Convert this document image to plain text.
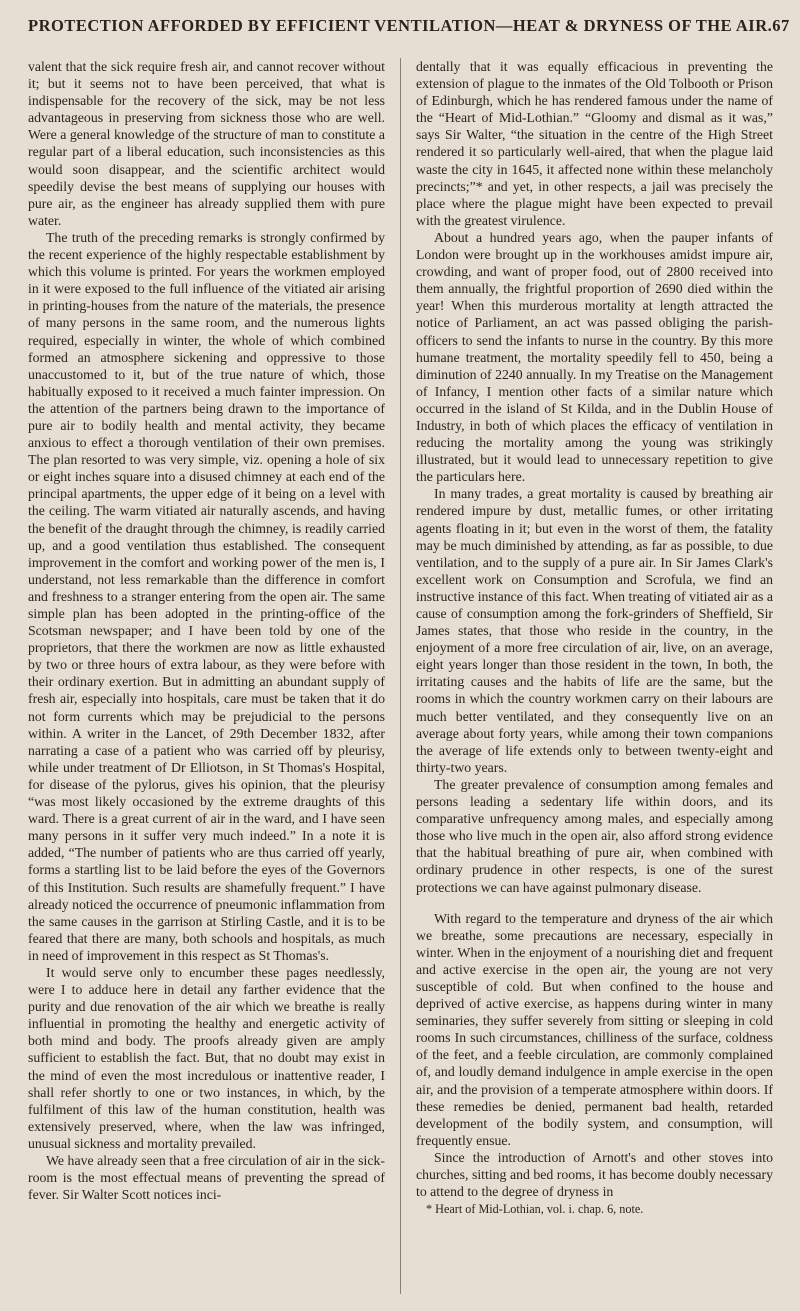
PROTECTION AFFORDED BY EFFICIENT VENTILATION—HEAT & DRYNESS OF THE AIR. 67

valent that the sick require fresh air, and cannot recover without it; but it seems not to have been perceived, that what is indispensable for the recovery of the sick, may be not less advantageous in preserving from sickness those who are well. Were a general knowledge of the structure of man to constitute a regular part of a liberal education, such inconsistencies as this would soon disappear, and the scientific architect would speedily devise the best means of supplying our houses with pure air, as the engineer has already supplied them with pure water.

The truth of the preceding remarks is strongly confirmed by the recent experience of the highly respectable establishment by which this volume is printed. For years the workmen employed in it were exposed to the full influence of the vitiated air arising in printing-houses from the nature of the materials, the presence of many persons in the same room, and the numerous lights required, especially in winter, the whole of which combined formed an atmosphere sickening and oppressive to those unaccustomed to it, but of the true nature of which, those habitually exposed to it received a much fainter impression. On the attention of the partners being drawn to the importance of pure air to bodily health and mental activity, they became anxious to effect a thorough ventilation of their own premises. The plan resorted to was very simple, viz. opening a hole of six or eight inches square into a disused chimney at each end of the principal apartments, the upper edge of it being on a level with the ceiling. The warm vitiated air naturally ascends, and having the benefit of the draught through the chimney, is readily carried up, and a good ventilation thus established. The consequent improvement in the comfort and working power of the men is, I understand, not less remarkable than the difference in comfort and freshness to a stranger entering from the open air. The same simple plan has been adopted in the printing-office of the Scotsman newspaper; and I have been told by one of the proprietors, that there the workmen are now as little exhausted by two or three hours of extra labour, as they were before with their ordinary exertion. But in admitting an abundant supply of fresh air, especially into hospitals, care must be taken that it do not form currents which may be prejudicial to the persons within. A writer in the Lancet, of 29th December 1832, after narrating a case of a patient who was carried off by pleurisy, while under treatment of Dr Elliotson, in St Thomas's Hospital, for disease of the pylorus, gives his opinion, that the pleurisy “was most likely occasioned by the extreme draughts of this ward. There is a great current of air in the ward, and I have seen many persons in it suffer very much indeed.” In a note it is added, “The number of patients who are thus carried off yearly, forms a startling list to be laid before the eyes of the Governors of this Institution. Such results are shamefully frequent.” I have already noticed the occurrence of pneumonic inflammation from the same causes in the garrison at Stirling Castle, and it is to be feared that there are many, both schools and hospitals, as much in need of improvement in this respect as St Thomas's.

It would serve only to encumber these pages needlessly, were I to adduce here in detail any farther evidence that the purity and due renovation of the air which we breathe is really influential in promoting the healthy and energetic activity of both mind and body. The proofs already given are amply sufficient to establish the fact. But, that no doubt may exist in the mind of even the most incredulous or inattentive reader, I shall refer shortly to one or two instances, in which, by the fulfilment of this law of the human constitution, health was extensively preserved, where, when the law was infringed, unusual sickness and mortality prevailed.

We have already seen that a free circulation of air in the sick-room is the most effectual means of preventing the spread of fever. Sir Walter Scott notices inci-

dentally that it was equally efficacious in preventing the extension of plague to the inmates of the Old Tolbooth or Prison of Edinburgh, which he has rendered famous under the name of the “Heart of Mid-Lothian.” “Gloomy and dismal as it was,” says Sir Walter, “the situation in the centre of the High Street rendered it so particularly well-aired, that when the plague laid waste the city in 1645, it affected none within these melancholy precincts;”* and yet, in other respects, a jail was precisely the place where the plague might have been expected to prevail with the greatest virulence.

About a hundred years ago, when the pauper infants of London were brought up in the workhouses amidst impure air, crowding, and want of proper food, out of 2800 received into them annually, the frightful proportion of 2690 died within the year! When this murderous mortality at length attracted the notice of Parliament, an act was passed obliging the parish-officers to send the infants to nurse in the country. By this more humane treatment, the mortality speedily fell to 450, being a diminution of 2240 annually. In my Treatise on the Management of Infancy, I mention other facts of a similar nature which occurred in the island of St Kilda, and in the Dublin House of Industry, in both of which places the efficacy of ventilation in reducing the mortality among the young was strikingly illustrated, but it would lead to unnecessary repetition to give the particulars here.

In many trades, a great mortality is caused by breathing air rendered impure by dust, metallic fumes, or other irritating agents floating in it; but even in the worst of them, the fatality may be much diminished by attending, as far as possible, to due ventilation, and to the supply of a pure air. In Sir James Clark's excellent work on Consumption and Scrofula, we find an instructive instance of this fact. When treating of vitiated air as a cause of consumption among the fork-grinders of Sheffield, Sir James states, that those who reside in the country, in the enjoyment of a more free circulation of air, live, on an average, eight years longer than those resident in the town, In both, the irritating causes and the habits of life are the same, but the rooms in which the country workmen carry on their labours are much better ventilated, and they consequently live on an average about forty years, while among their town companions the average of life extends only to between twenty-eight and thirty-two years.

The greater prevalence of consumption among females and persons leading a sedentary life within doors, and its comparative unfrequency among males, and especially among those who live much in the open air, also afford strong evidence that the habitual breathing of pure air, when combined with ordinary prudence in other respects, is one of the surest protections we can have against pulmonary disease.

With regard to the temperature and dryness of the air which we breathe, some precautions are necessary, especially in winter. When in the enjoyment of a nourishing diet and frequent and active exercise in the open air, the young are not very susceptible of cold. But when confined to the house and deprived of active exercise, as happens during winter in many seminaries, they suffer severely from sitting or sleeping in cold rooms In such circumstances, chilliness of the surface, coldness of the feet, and a feeble circulation, are commonly complained of, and loudly demand indulgence in ample exercise in the open air, and the provision of a temperate atmosphere within doors. If these remedies be denied, permanent bad health, retarded development of the bodily system, and consumption, will frequently ensue.

Since the introduction of Arnott's and other stoves into churches, sitting and bed rooms, it has become doubly necessary to attend to the degree of dryness in

* Heart of Mid-Lothian, vol. i. chap. 6, note.
